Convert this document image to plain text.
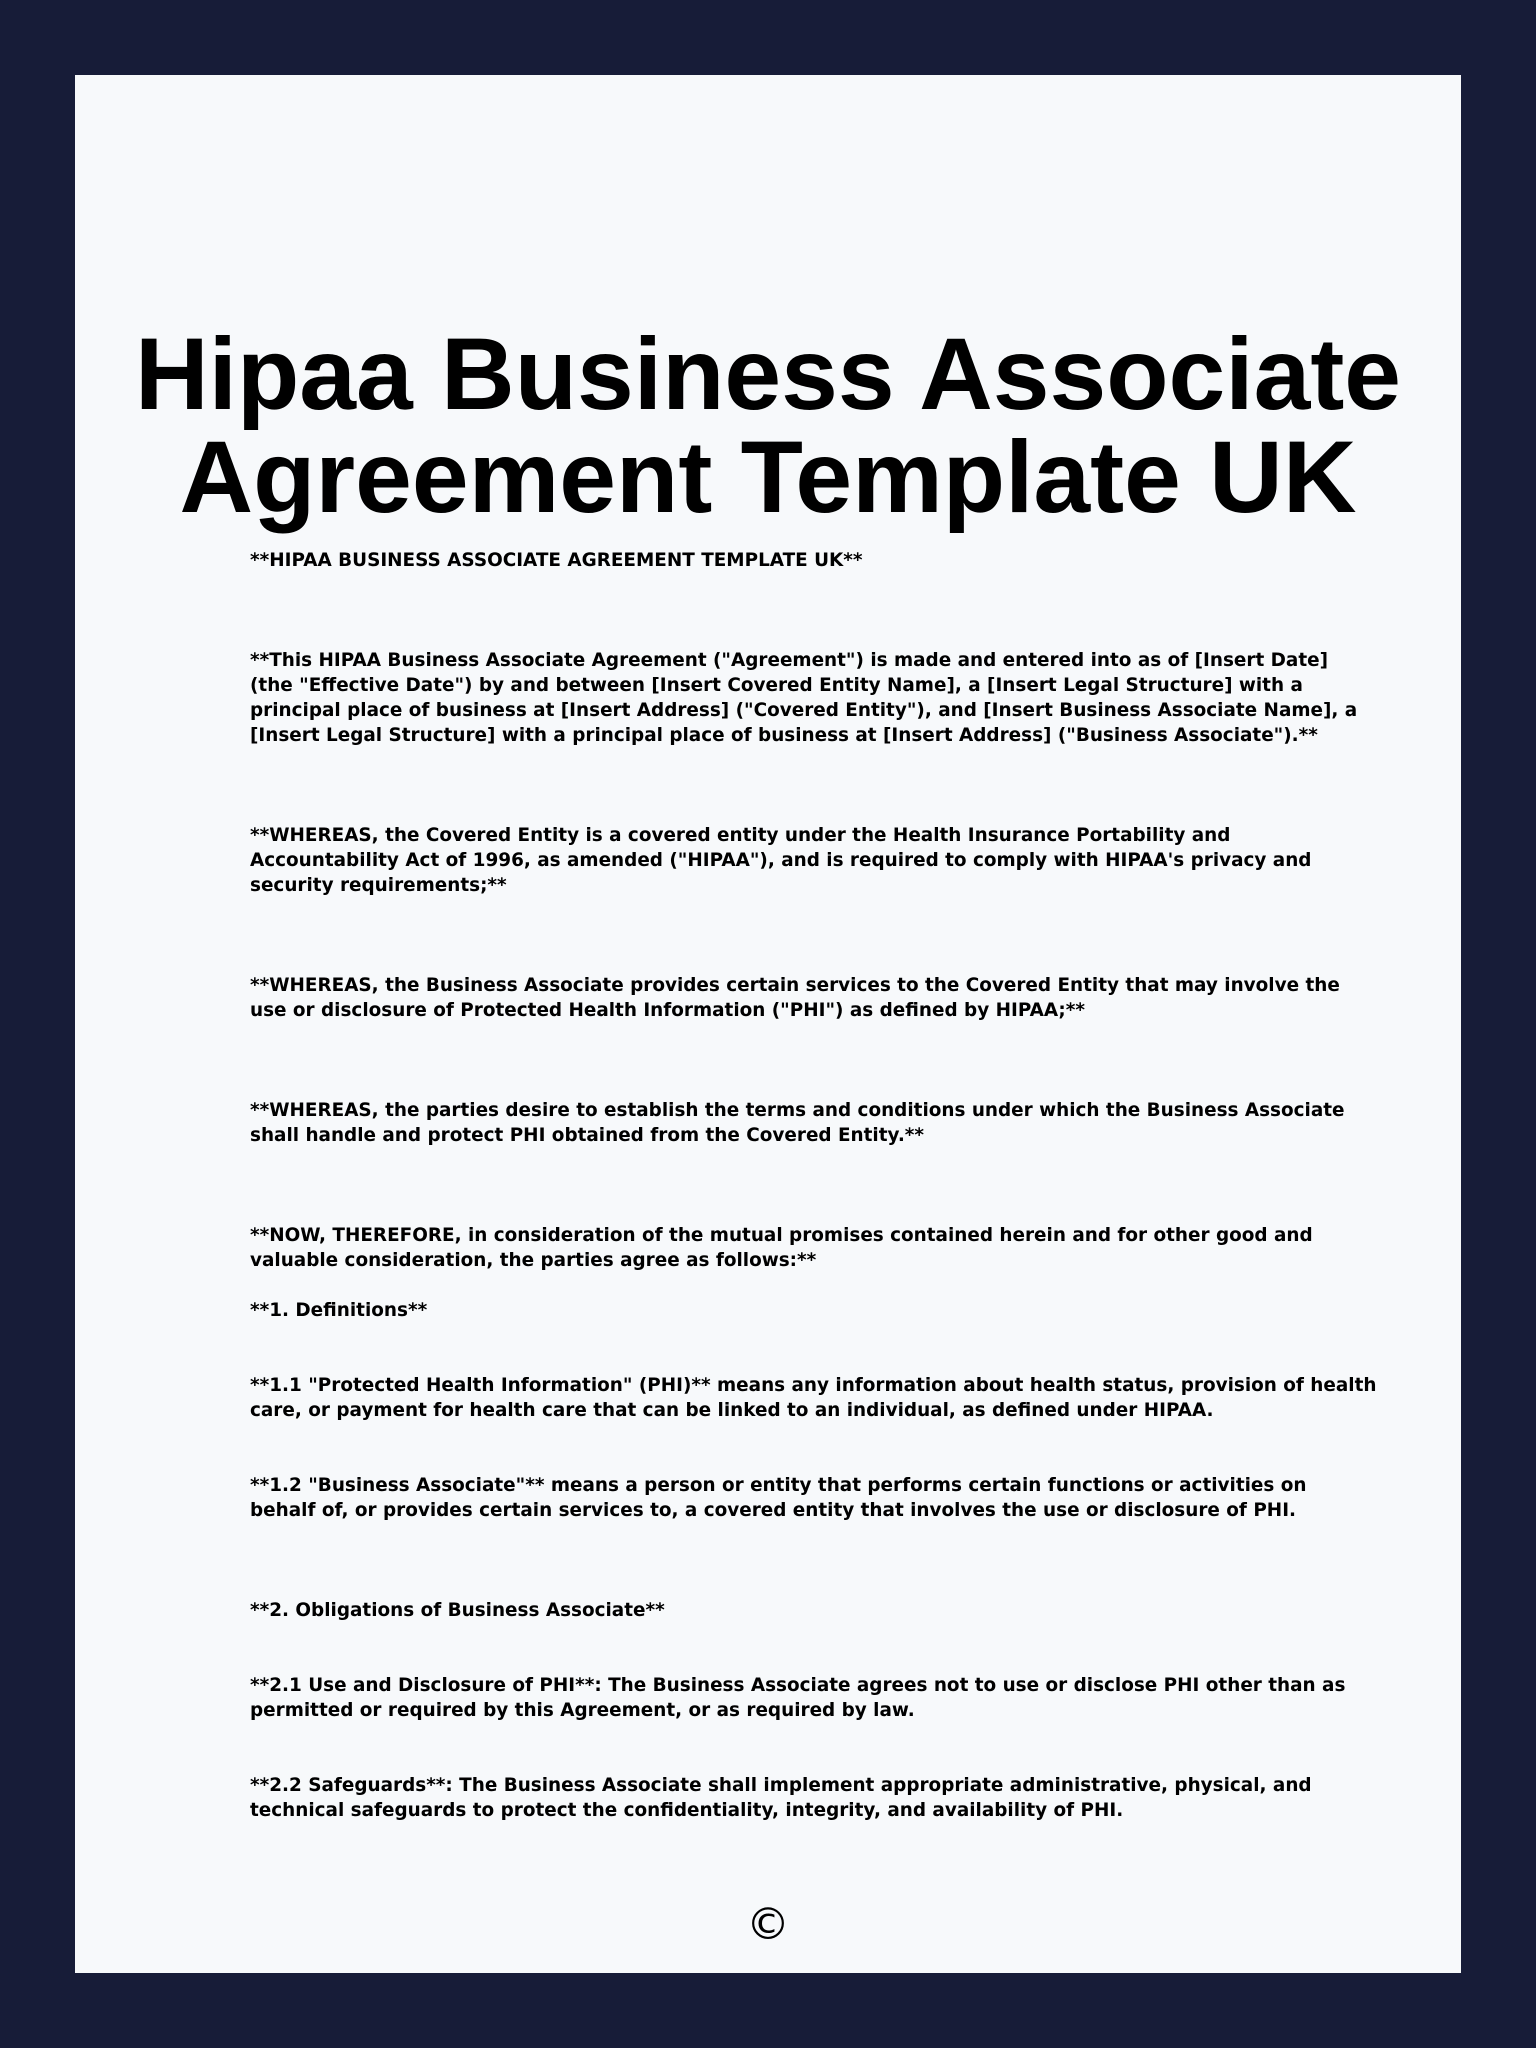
Hipaa Business Associate
Agreement Template UK

**HIPAA BUSINESS ASSOCIATE AGREEMENT TEMPLATE UK**

**This HIPAA Business Associate Agreement ("Agreement") is made and entered into as of [Insert Date]
(the "Effective Date") by and between [Insert Covered Entity Name], a [Insert Legal Structure] with a
principal place of business at [Insert Address] ("Covered Entity"), and [Insert Business Associate Name], a
[Insert Legal Structure] with a principal place of business at [Insert Address] ("Business Associate").**

**WHEREAS, the Covered Entity is a covered entity under the Health Insurance Portability and
Accountability Act of 1996, as amended ("HIPAA"), and is required to comply with HIPAA's privacy and
security requirements;**

**WHEREAS, the Business Associate provides certain services to the Covered Entity that may involve the
use or disclosure of Protected Health Information ("PHI") as defined by HIPAA;**

**WHEREAS, the parties desire to establish the terms and conditions under which the Business Associate
shall handle and protect PHI obtained from the Covered Entity.**

**NOW, THEREFORE, in consideration of the mutual promises contained herein and for other good and
valuable consideration, the parties agree as follows:**

**1. Definitions**

**1.1 "Protected Health Information" (PHI)** means any information about health status, provision of health
care, or payment for health care that can be linked to an individual, as defined under HIPAA.

**1.2 "Business Associate"** means a person or entity that performs certain functions or activities on
behalf of, or provides certain services to, a covered entity that involves the use or disclosure of PHI.

**2. Obligations of Business Associate**

**2.1 Use and Disclosure of PHI**: The Business Associate agrees not to use or disclose PHI other than as
permitted or required by this Agreement, or as required by law.

**2.2 Safeguards**: The Business Associate shall implement appropriate administrative, physical, and
technical safeguards to protect the confidentiality, integrity, and availability of PHI.

©
